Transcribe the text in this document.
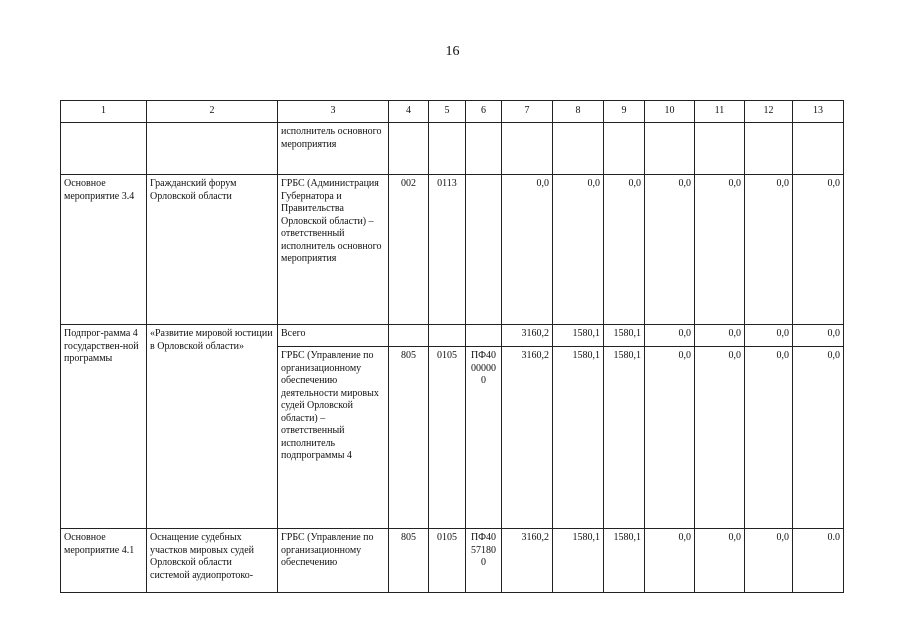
16
1	2	3	4	5	6	7	8	9	10	11	12	13
		исполнитель основного мероприятия										
Основное мероприятие 3.4	Гражданский форум Орловской области	ГРБС (Администрация Губернатора и Правительства Орловской области) – ответственный исполнитель основного мероприятия	002	0113		0,0	0,0	0,0	0,0	0,0	0,0	0,0
Подпрог-рамма 4 государствен-ной программы	«Развитие мировой юстиции в Орловской области»	Всего				3160,2	1580,1	1580,1	0,0	0,0	0,0	0,0
		ГРБС (Управление по организационному обеспечению деятельности мировых судей Орловской области) – ответственный исполнитель подпрограммы 4	805	0105	ПФ40000000	3160,2	1580,1	1580,1	0,0	0,0	0,0	0,0
Основное мероприятие 4.1	Оснащение судебных участков мировых судей Орловской области системой аудиопротоко-	ГРБС (Управление по организационному обеспечению	805	0105	ПФ40571800	3160,2	1580,1	1580,1	0,0	0,0	0,0	0.0
